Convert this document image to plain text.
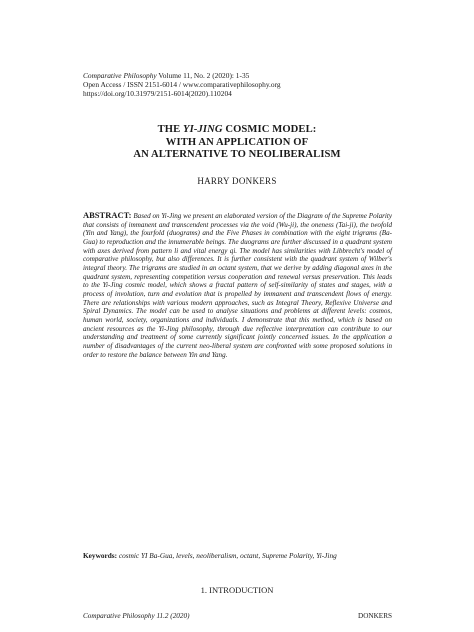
Comparative Philosophy Volume 11, No. 2 (2020): 1-35
Open Access / ISSN 2151-6014 / www.comparativephilosophy.org
https://doi.org/10.31979/2151-6014(2020).110204
THE YI-JING COSMIC MODEL:
WITH AN APPLICATION OF
AN ALTERNATIVE TO NEOLIBERALISM
HARRY DONKERS
ABSTRACT: Based on Yi-Jing we present an elaborated version of the Diagram of the Supreme Polarity that consists of immanent and transcendent processes via the void (Wu-ji), the oneness (Tai-ji), the twofold (Yin and Yang), the fourfold (duograms) and the Five Phases in combination with the eight trigrams (Ba-Gua) to reproduction and the innumerable beings. The duograms are further discussed in a quadrant system with axes derived from pattern li and vital energy qi. The model has similarities with Libbrecht's model of comparative philosophy, but also differences. It is further consistent with the quadrant system of Wilber's integral theory. The trigrams are studied in an octant system, that we derive by adding diagonal axes in the quadrant system, representing competition versus cooperation and renewal versus preservation. This leads to the Yi-Jing cosmic model, which shows a fractal pattern of self-similarity of states and stages, with a process of involution, turn and evolution that is propelled by immanent and transcendent flows of energy. There are relationships with various modern approaches, such as Integral Theory, Reflexive Universe and Spiral Dynamics. The model can be used to analyse situations and problems at different levels: cosmos, human world, society, organizations and individuals. I demonstrate that this method, which is based on ancient resources as the Yi-Jing philosophy, through due reflective interpretation can contribute to our understanding and treatment of some currently significant jointly concerned issues. In the application a number of disadvantages of the current neo-liberal system are confronted with some proposed solutions in order to restore the balance between Yin and Yang.
Keywords: cosmic YI Ba-Gua, levels, neoliberalism, octant, Supreme Polarity, Yi-Jing
1. INTRODUCTION
Comparative Philosophy 11.2 (2020)	DONKERS
